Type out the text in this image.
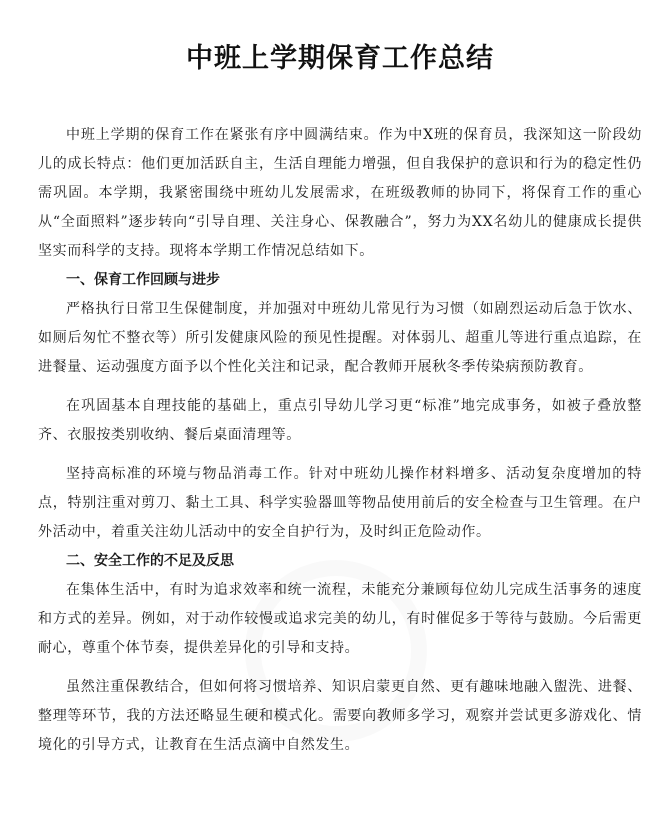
中班上学期保育工作总结

中班上学期的保育工作在紧张有序中圆满结束。作为中X班的保育员，我深知这一阶段幼儿的成长特点：他们更加活跃自主，生活自理能力增强，但自我保护的意识和行为的稳定性仍需巩固。本学期，我紧密围绕中班幼儿发展需求，在班级教师的协同下，将保育工作的重心从“全面照料”逐步转向“引导自理、关注身心、保教融合”，努力为XX名幼儿的健康成长提供坚实而科学的支持。现将本学期工作情况总结如下。

一、保育工作回顾与进步

严格执行日常卫生保健制度，并加强对中班幼儿常见行为习惯（如剧烈运动后急于饮水、如厕后匆忙不整衣等）所引发健康风险的预见性提醒。对体弱儿、超重儿等进行重点追踪，在进餐量、运动强度方面予以个性化关注和记录，配合教师开展秋冬季传染病预防教育。

在巩固基本自理技能的基础上，重点引导幼儿学习更“标准”地完成事务，如被子叠放整齐、衣服按类别收纳、餐后桌面清理等。

坚持高标准的环境与物品消毒工作。针对中班幼儿操作材料增多、活动复杂度增加的特点，特别注重对剪刀、黏土工具、科学实验器皿等物品使用前后的安全检查与卫生管理。在户外活动中，着重关注幼儿活动中的安全自护行为，及时纠正危险动作。

二、安全工作的不足及反思

在集体生活中，有时为追求效率和统一流程，未能充分兼顾每位幼儿完成生活事务的速度和方式的差异。例如，对于动作较慢或追求完美的幼儿，有时催促多于等待与鼓励。今后需更耐心，尊重个体节奏，提供差异化的引导和支持。

虽然注重保教结合，但如何将习惯培养、知识启蒙更自然、更有趣味地融入盥洗、进餐、整理等环节，我的方法还略显生硬和模式化。需要向教师多学习，观察并尝试更多游戏化、情境化的引导方式，让教育在生活点滴中自然发生。
